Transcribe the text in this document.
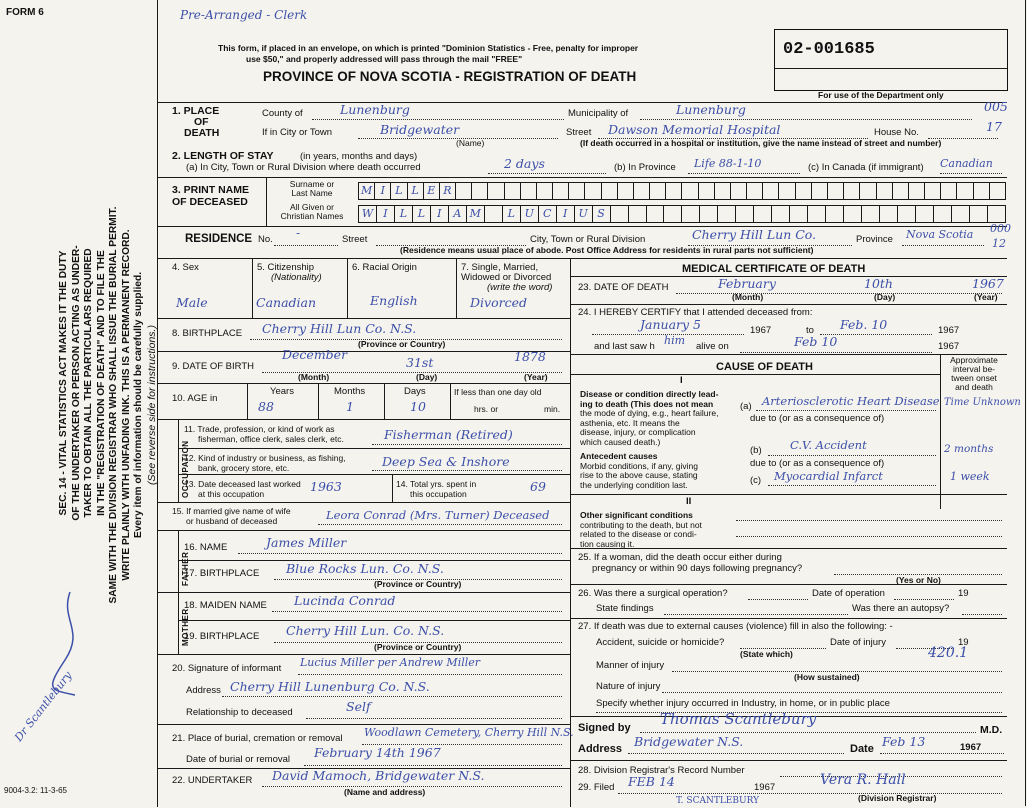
FORM 6
9004-3.2: 11-3-65
SEC. 14 - VITAL STATISTICS ACT MAKES IT THE DUTY OF THE UNDERTAKER OR PERSON ACTING AS UNDER- TAKER TO OBTAIN ALL THE PARTICULARS REQUIRED IN THE "REGISTRATION OF DEATH" AND TO FILE THE SAME WITH THE DIVISION REGISTRAR WHO SHALL ISSUE THE BURIAL PERMIT. WRITE PLAINLY WITH UNFADING INK. THIS IS A PERMANENT RECORD. Every item of information should be carefully supplied. (See reverse side for instructions.)
Dr Scantlebury
Pre-Arranged - Clerk
This form, if placed in an envelope, on which is printed "Dominion Statistics - Free, penalty for improper
use $50," and properly addressed will pass through the mail "FREE"
PROVINCE OF NOVA SCOTIA - REGISTRATION OF DEATH
02-001685
For use of the Department only
1. PLACE
OF
DEATH
County of	Lunenburg	Municipality of	Lunenburg	005
If in City or Town	Bridgewater
(Name)
Street Dawson Memorial Hospital	House No.	17
(If death occurred in a hospital or institution, give the name instead of street and number)
2. LENGTH OF STAY	(in years, months and days)
(a) In City, Town or Rural Division where death occurred	2 days	(b) In Province Life 88-1-10	(c) In Canada (if immigrant) Canadian
3. PRINT NAME
OF DECEASED
Surname or
Last Name
All Given or
Christian Names
M I L L E R
W I	L L	I	A M	L U C	I	U S
RESIDENCE No. -	Street	City, Town or Rural Division	Cherry Hill Lun Co.	Province Nova Scotia 000
12
(Residence means usual place of abode. Post Office Address for residents in rural parts not sufficient)
4. Sex
Male
5. Citizenship
(Nationality)
Canadian
6. Racial Origin
English
7. Single, Married,
Widowed or Divorced
(write the word)
Divorced
8. BIRTHPLACE Cherry Hill Lun Co. N.S.
(Province or Country)
9. DATE OF BIRTH
December
31st	1878
(Month)	(Day)	(Year)
10. AGE in
Years	Months	Days
88	1	10
If less than one day old
hrs. or	min.
OCCUPATION
11. Trade, profession, or kind of work as
fisherman, office clerk, sales clerk, etc.	Fisherman (Retired)
12. Kind of industry or business, as fishing,
bank, grocery store, etc.	Deep Sea & Inshore
13. Date deceased last worked
at this occupation	1963	14. Total yrs. spent in
this occupation	69
15. If married give name of wife
or husband of deceased	Leora Conrad (Mrs. Turner) Deceased
FATHER
16. NAME	James Miller
17. BIRTHPLACE Blue Rocks Lun. Co. N.S.
(Province or Country)
MOTHER
18. MAIDEN NAME Lucinda Conrad
19. BIRTHPLACE Cherry Hill Lun. Co. N.S.
(Province or Country)
20. Signature of informant Lucius Miller per Andrew Miller
Address Cherry Hill Lunenburg Co. N.S.
Relationship to deceased	Self
21. Place of burial, cremation or removal Woodlawn Cemetery, Cherry Hill N.S.
Date of burial or removal February 14th 1967
22. UNDERTAKER David Mamoch, Bridgewater N.S.
(Name and address)
MEDICAL CERTIFICATE OF DEATH
23. DATE OF DEATH	February	10th	1967
(Month)	(Day)	(Year)
24. I HEREBY CERTIFY that I attended deceased from:
January 5	1967	to Feb. 10	1967
and last saw h him alive on	Feb 10	1967
CAUSE OF DEATH
Approximate
interval be-
tween onset
and death
I
Disease or condition directly lead-
ing to death (This does not mean
the mode of dying, e.g., heart failure,
asthenia, etc. It means the
disease, injury, or complication
which caused death.)
(a) Arteriosclerotic Heart Disease Time Unknown
due to (or as a consequence of)
Antecedent causes
Morbid conditions, if any, giving
rise to the above cause, stating
the underlying condition last.
(b) C.V. Accident	2 months
due to (or as a consequence of)
(c) Myocardial Infarct	1 week
II
Other significant conditions
contributing to the death, but not
related to the disease or condi-
tion causing it.
25. If a woman, did the death occur either during
pregnancy or within 90 days following pregnancy?
(Yes or No)
26. Was there a surgical operation?	Date of operation	19
State findings	Was there an autopsy?
27. If death was due to external causes (violence) fill in also the following: -
Accident, suicide or homicide?	Date of injury	19
(State which)
Manner of injury
420.1
(How sustained)
Nature of injury
Specify whether injury occurred in Industry, in home, or in public place
Signed by Thomas Scantlebury
M.D.
Address Bridgewater N.S.	Date Feb 13	1967
28. Division Registrar's Record Number
29. Filed FEB 14	1967	Vera R. Hall
(Division Registrar)
T. SCANTLEBURY
